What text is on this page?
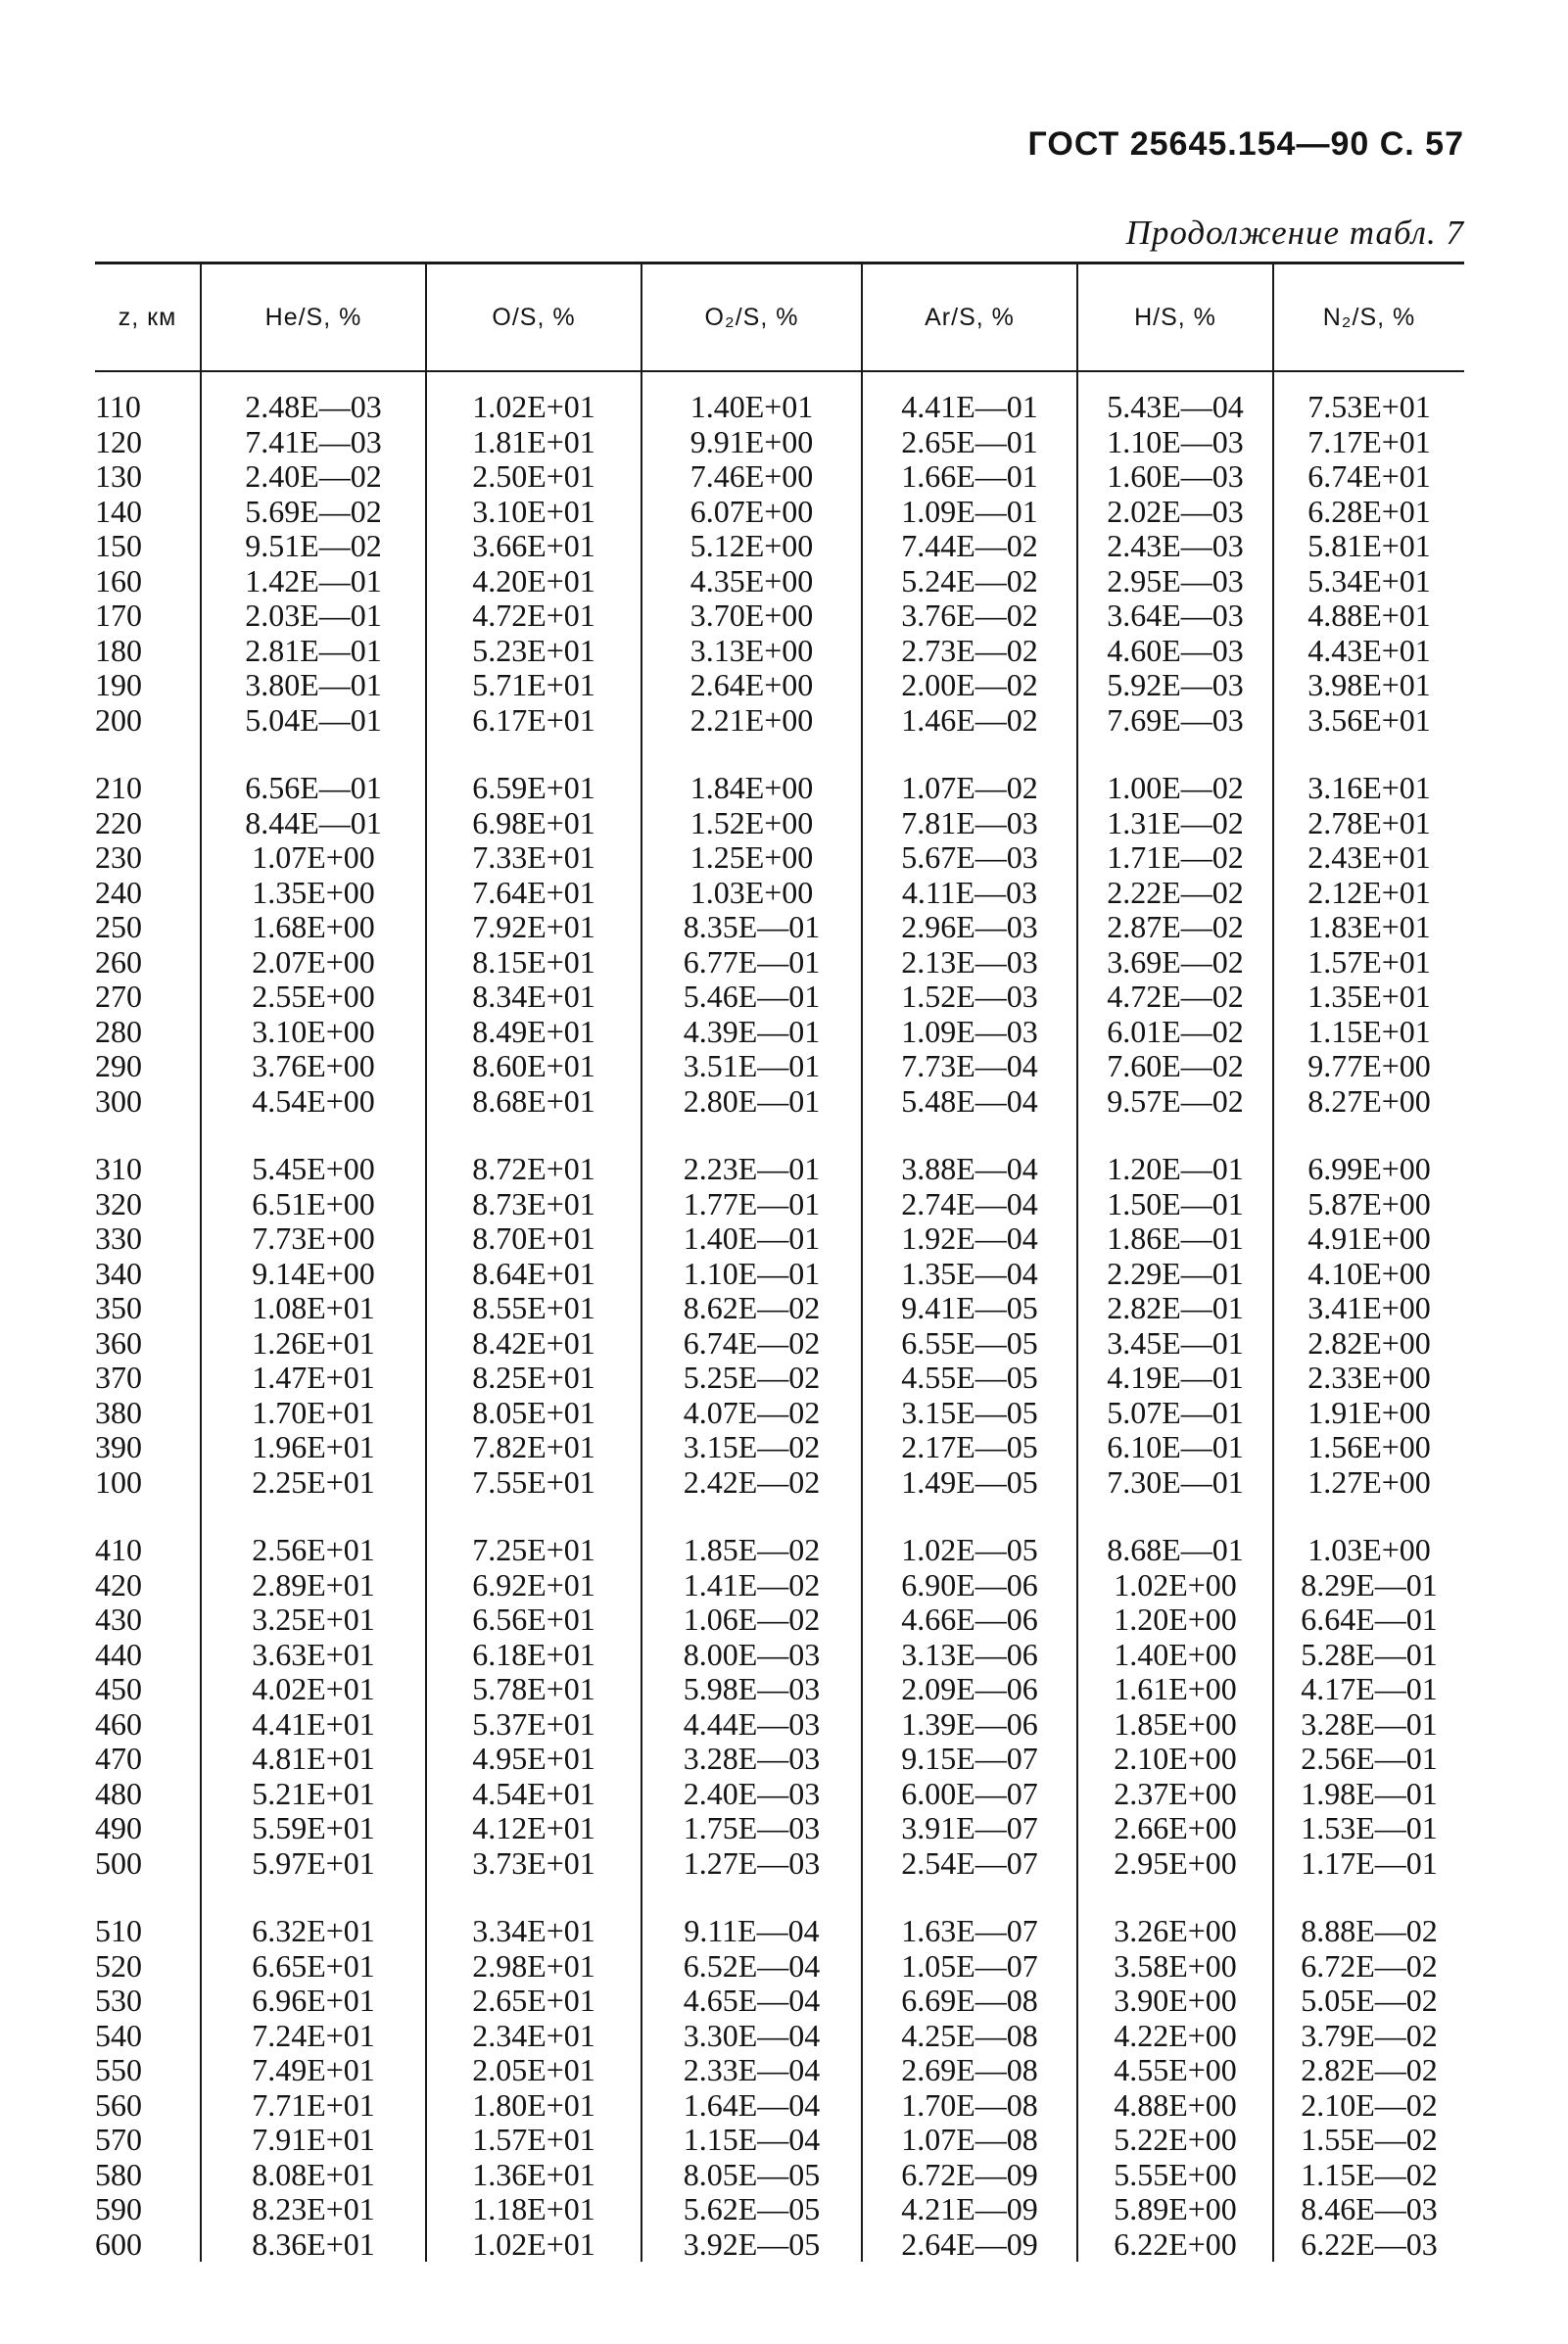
ГОСТ 25645.154—90 С. 57
Продолжение табл. 7
z, км	He/S, %	O/S, %	O₂/S, %	Ar/S, %	H/S, %	N₂/S, %

110	2.48E—03	1.02E+01	1.40E+01	4.41E—01	5.43E—04	7.53E+01
120	7.41E—03	1.81E+01	9.91E+00	2.65E—01	1.10E—03	7.17E+01
130	2.40E—02	2.50E+01	7.46E+00	1.66E—01	1.60E—03	6.74E+01
140	5.69E—02	3.10E+01	6.07E+00	1.09E—01	2.02E—03	6.28E+01
150	9.51E—02	3.66E+01	5.12E+00	7.44E—02	2.43E—03	5.81E+01
160	1.42E—01	4.20E+01	4.35E+00	5.24E—02	2.95E—03	5.34E+01
170	2.03E—01	4.72E+01	3.70E+00	3.76E—02	3.64E—03	4.88E+01
180	2.81E—01	5.23E+01	3.13E+00	2.73E—02	4.60E—03	4.43E+01
190	3.80E—01	5.71E+01	2.64E+00	2.00E—02	5.92E—03	3.98E+01
200	5.04E—01	6.17E+01	2.21E+00	1.46E—02	7.69E—03	3.56E+01

210	6.56E—01	6.59E+01	1.84E+00	1.07E—02	1.00E—02	3.16E+01
220	8.44E—01	6.98E+01	1.52E+00	7.81E—03	1.31E—02	2.78E+01
230	1.07E+00	7.33E+01	1.25E+00	5.67E—03	1.71E—02	2.43E+01
240	1.35E+00	7.64E+01	1.03E+00	4.11E—03	2.22E—02	2.12E+01
250	1.68E+00	7.92E+01	8.35E—01	2.96E—03	2.87E—02	1.83E+01
260	2.07E+00	8.15E+01	6.77E—01	2.13E—03	3.69E—02	1.57E+01
270	2.55E+00	8.34E+01	5.46E—01	1.52E—03	4.72E—02	1.35E+01
280	3.10E+00	8.49E+01	4.39E—01	1.09E—03	6.01E—02	1.15E+01
290	3.76E+00	8.60E+01	3.51E—01	7.73E—04	7.60E—02	9.77E+00
300	4.54E+00	8.68E+01	2.80E—01	5.48E—04	9.57E—02	8.27E+00

310	5.45E+00	8.72E+01	2.23E—01	3.88E—04	1.20E—01	6.99E+00
320	6.51E+00	8.73E+01	1.77E—01	2.74E—04	1.50E—01	5.87E+00
330	7.73E+00	8.70E+01	1.40E—01	1.92E—04	1.86E—01	4.91E+00
340	9.14E+00	8.64E+01	1.10E—01	1.35E—04	2.29E—01	4.10E+00
350	1.08E+01	8.55E+01	8.62E—02	9.41E—05	2.82E—01	3.41E+00
360	1.26E+01	8.42E+01	6.74E—02	6.55E—05	3.45E—01	2.82E+00
370	1.47E+01	8.25E+01	5.25E—02	4.55E—05	4.19E—01	2.33E+00
380	1.70E+01	8.05E+01	4.07E—02	3.15E—05	5.07E—01	1.91E+00
390	1.96E+01	7.82E+01	3.15E—02	2.17E—05	6.10E—01	1.56E+00
100	2.25E+01	7.55E+01	2.42E—02	1.49E—05	7.30E—01	1.27E+00

410	2.56E+01	7.25E+01	1.85E—02	1.02E—05	8.68E—01	1.03E+00
420	2.89E+01	6.92E+01	1.41E—02	6.90E—06	1.02E+00	8.29E—01
430	3.25E+01	6.56E+01	1.06E—02	4.66E—06	1.20E+00	6.64E—01
440	3.63E+01	6.18E+01	8.00E—03	3.13E—06	1.40E+00	5.28E—01
450	4.02E+01	5.78E+01	5.98E—03	2.09E—06	1.61E+00	4.17E—01
460	4.41E+01	5.37E+01	4.44E—03	1.39E—06	1.85E+00	3.28E—01
470	4.81E+01	4.95E+01	3.28E—03	9.15E—07	2.10E+00	2.56E—01
480	5.21E+01	4.54E+01	2.40E—03	6.00E—07	2.37E+00	1.98E—01
490	5.59E+01	4.12E+01	1.75E—03	3.91E—07	2.66E+00	1.53E—01
500	5.97E+01	3.73E+01	1.27E—03	2.54E—07	2.95E+00	1.17E—01

510	6.32E+01	3.34E+01	9.11E—04	1.63E—07	3.26E+00	8.88E—02
520	6.65E+01	2.98E+01	6.52E—04	1.05E—07	3.58E+00	6.72E—02
530	6.96E+01	2.65E+01	4.65E—04	6.69E—08	3.90E+00	5.05E—02
540	7.24E+01	2.34E+01	3.30E—04	4.25E—08	4.22E+00	3.79E—02
550	7.49E+01	2.05E+01	2.33E—04	2.69E—08	4.55E+00	2.82E—02
560	7.71E+01	1.80E+01	1.64E—04	1.70E—08	4.88E+00	2.10E—02
570	7.91E+01	1.57E+01	1.15E—04	1.07E—08	5.22E+00	1.55E—02
580	8.08E+01	1.36E+01	8.05E—05	6.72E—09	5.55E+00	1.15E—02
590	8.23E+01	1.18E+01	5.62E—05	4.21E—09	5.89E+00	8.46E—03
600	8.36E+01	1.02E+01	3.92E—05	2.64E—09	6.22E+00	6.22E—03
